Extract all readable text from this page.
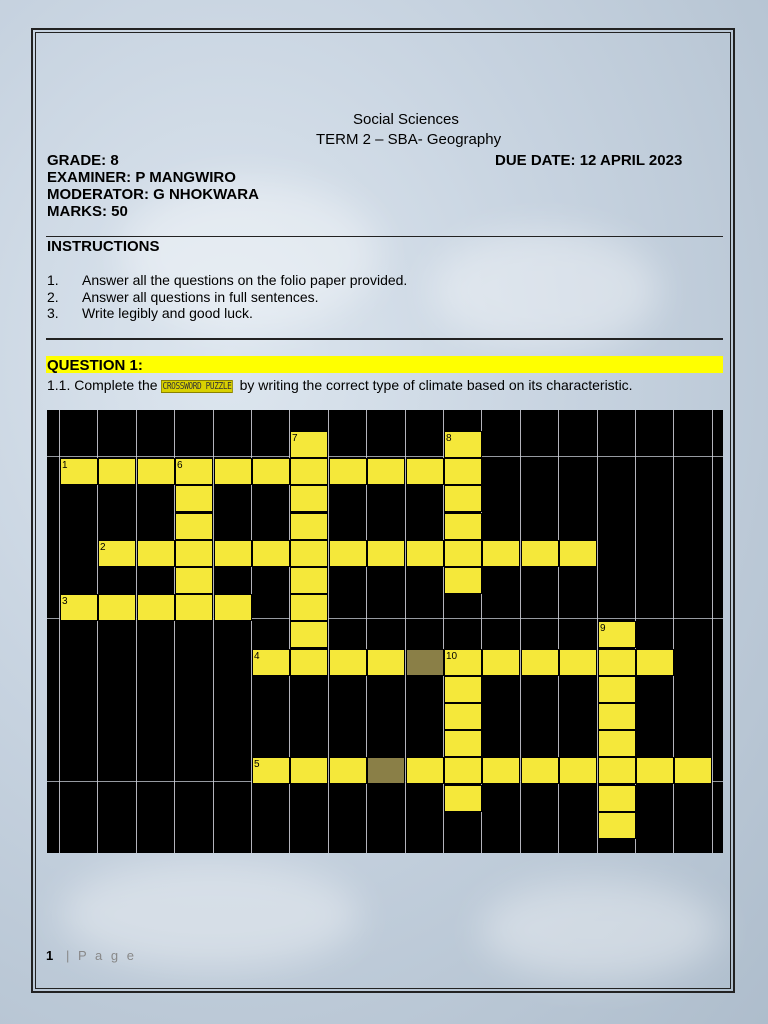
Social Sciences
TERM 2 – SBA- Geography
GRADE: 8	DUE DATE: 12 APRIL 2023
EXAMINER: P MANGWIRO
MODERATOR: G NHOKWARA
MARKS: 50
INSTRUCTIONS
1. Answer all the questions on the folio paper provided.
2. Answer all questions in full sentences.
3. Write legibly and good luck.
QUESTION 1:
1.1. Complete the CROSSWORD PUZZLE by writing the correct type of climate based on its characteristic.
7	8
1	6
2
3
9
4	10
5
1 | P a g e
